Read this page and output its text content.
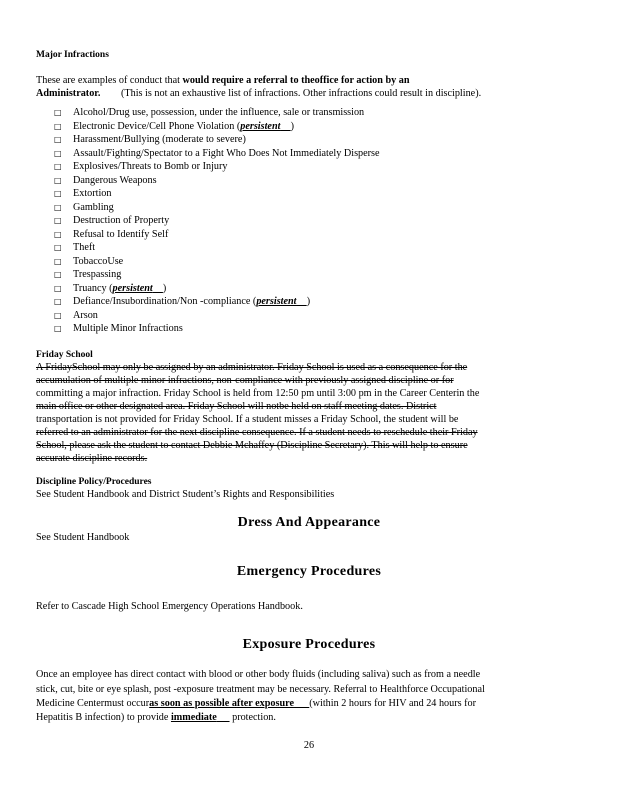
Major Infractions
These are examples of conduct that would require a referral to theoffice for action by an
Administrator. (This is not an exhaustive list of infractions. Other infractions could result in discipline).
□ Alcohol/Drug use, possession, under the influence, sale or transmission
□ Electronic Device/Cell Phone Violation (persistent )
□ Harassment/Bullying (moderate to severe)
□ Assault/Fighting/Spectator to a Fight Who Does Not Immediately Disperse
□ Explosives/Threats to Bomb or Injury
□ Dangerous Weapons
□ Extortion
□ Gambling
□ Destruction of Property
□ Refusal to Identify Self
□ Theft
□ TobaccoUse
□ Trespassing
□ Truancy (persistent )
□ Defiance/Insubordination/Non -compliance (persistent )
□ Arson
□ Multiple Minor Infractions
Friday School
A FridaySchool may only be assigned by an administrator. Friday School is used as a consequence for the
accumulation of multiple minor infractions, non-compliance with previously assigned discipline or for
committing a major infraction. Friday School is held from 12:50 pm until 3:00 pm in the Career Centerin the
main office or other designated area. Friday School will notbe held on staff meeting dates. District
transportation is not provided for Friday School. If a student misses a Friday School, the student will be
referred to an administrator for the next discipline consequence. If a student needs to reschedule their Friday
School, please ask the student to contact Debbie Mchaffey (Discipline Secretary). This will help to ensure
accurate discipline records.
Discipline Policy/Procedures
See Student Handbook and District Student’s Rights and Responsibilities
Dress And Appearance
See Student Handbook
Emergency Procedures
Refer to Cascade High School Emergency Operations Handbook.
Exposure Procedures
Once an employee has direct contact with blood or other body fluids (including saliva) such as from a needle
stick, cut, bite or eye splash, post -exposure treatment may be necessary. Referral to Healthforce Occupational
Medicine Centermust occuras soon as possible after exposure (within 2 hours for HIV and 24 hours for
Hepatitis B infection) to provide immediate      protection.
26
